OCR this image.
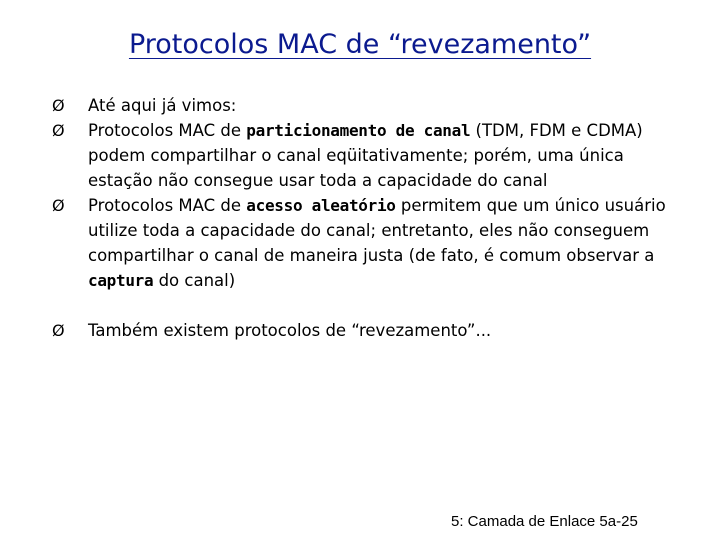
Protocolos MAC de “revezamento”
Ø	Até aqui já vimos:
Ø	Protocolos MAC de particionamento de canal (TDM, FDM e CDMA) podem compartilhar o canal eqüitativamente; porém, uma única estação não consegue usar toda a capacidade do canal
Ø	Protocolos MAC de acesso aleatório permitem que um único usuário utilize toda a capacidade do canal; entretanto, eles não conseguem compartilhar o canal de maneira justa (de fato, é comum observar a captura do canal)
Ø	Também existem protocolos de “revezamento”...
5: Camada de Enlace 5a-25
